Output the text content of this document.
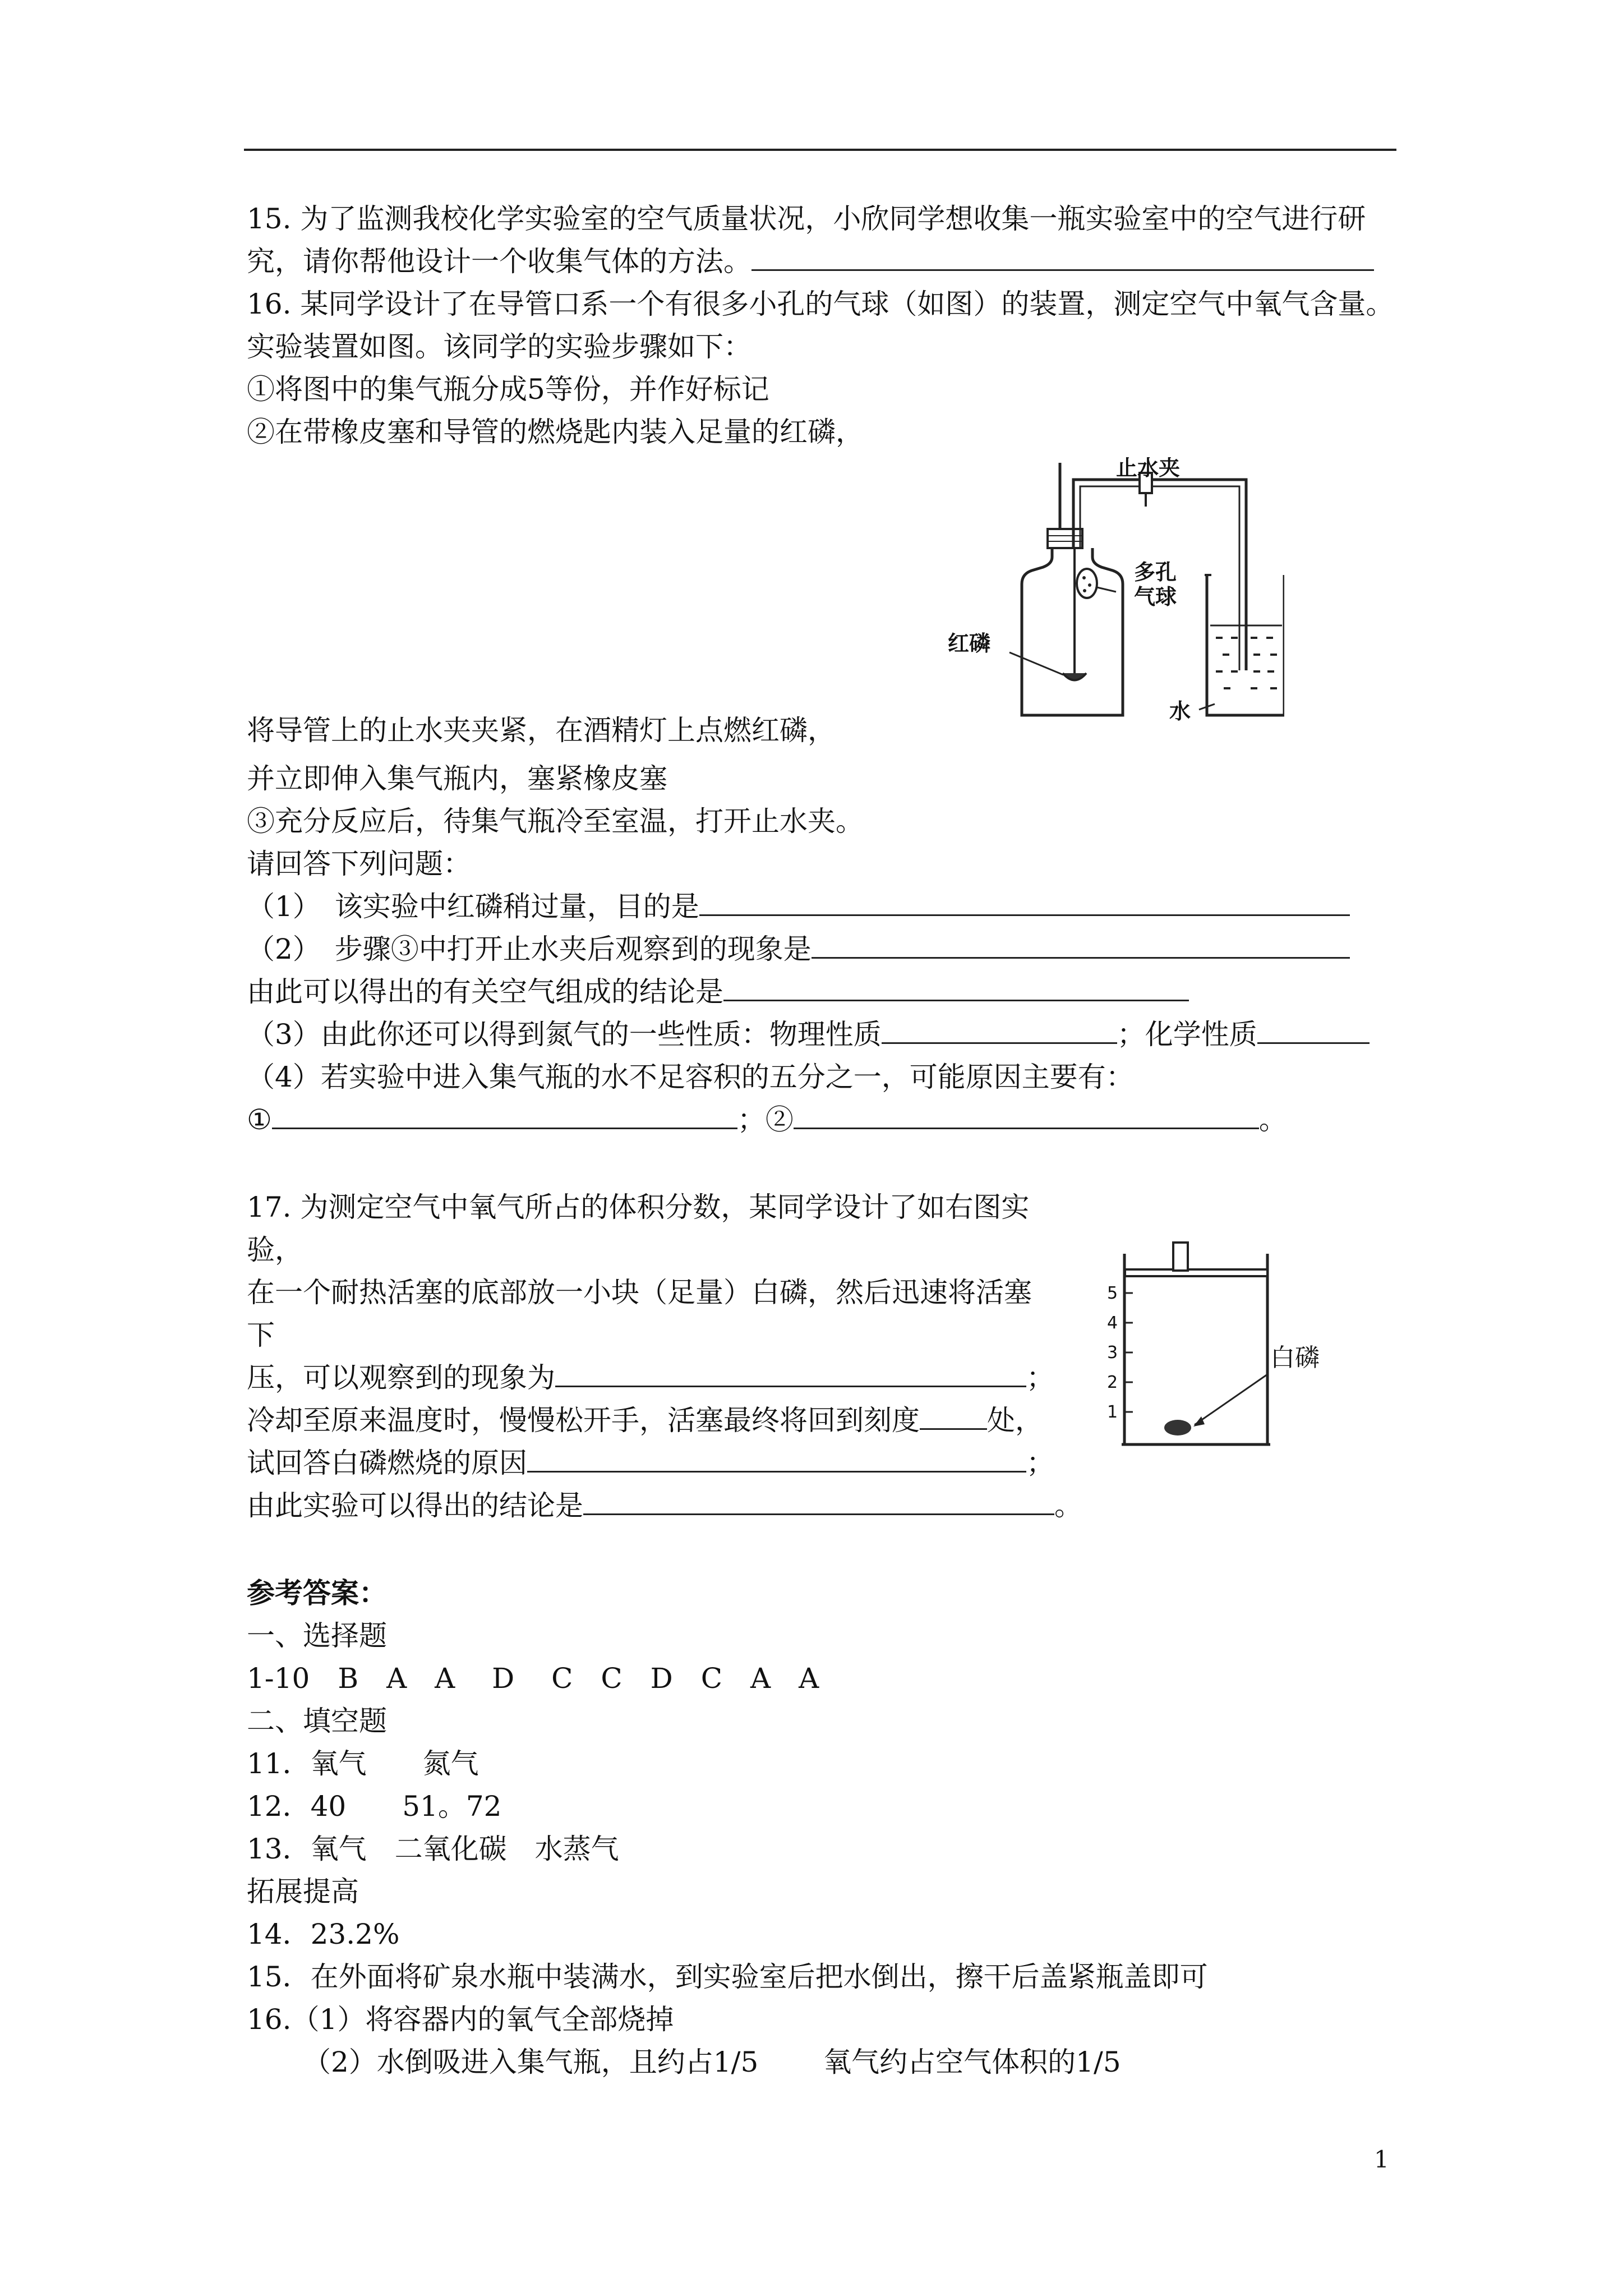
15. 为了监测我校化学实验室的空气质量状况，小欣同学想收集一瓶实验室中的空气进行研
究，请你帮他设计一个收集气体的方法。
16. 某同学设计了在导管口系一个有很多小孔的气球（如图）的装置，测定空气中氧气含量。
实验装置如图。该同学的实验步骤如下：
①将图中的集气瓶分成5等份，并作好标记
②在带橡皮塞和导管的燃烧匙内装入足量的红磷，
止水夹
多孔
气球
红磷
水
将导管上的止水夹夹紧，在酒精灯上点燃红磷，
并立即伸入集气瓶内，塞紧橡皮塞
③充分反应后，待集气瓶冷至室温，打开止水夹。
请回答下列问题：
（1）　该实验中红磷稍过量，目的是
（2）　步骤③中打开止水夹后观察到的现象是
由此可以得出的有关空气组成的结论是
（3）由此你还可以得到氮气的一些性质：物理性质	；化学性质
（4）若实验中进入集气瓶的水不足容积的五分之一，可能原因主要有：
①	；②	。
17. 为测定空气中氧气所占的体积分数，某同学设计了如右图实
验，
在一个耐热活塞的底部放一小块（足量）白磷，然后迅速将活塞
下
压，可以观察到的现象为	；
冷却至原来温度时，慢慢松开手，活塞最终将回到刻度 处，
试回答白磷燃烧的原因	；
由此实验可以得出的结论是	。
5
4
3
2
1
白磷
参考答案：
一、选择题
1-10　B　A　A　 D　 C　C　D　C　A　A
二、填空题
11．氧气　　氮气
12．40　　51。72
13．氧气　二氧化碳　水蒸气
拓展提高
14．23.2%
15．在外面将矿泉水瓶中装满水，到实验室后把水倒出，擦干后盖紧瓶盖即可
16.（1）将容器内的氧气全部烧掉
（2）水倒吸进入集气瓶，且约占1/5　　 氧气约占空气体积的1/5
1
